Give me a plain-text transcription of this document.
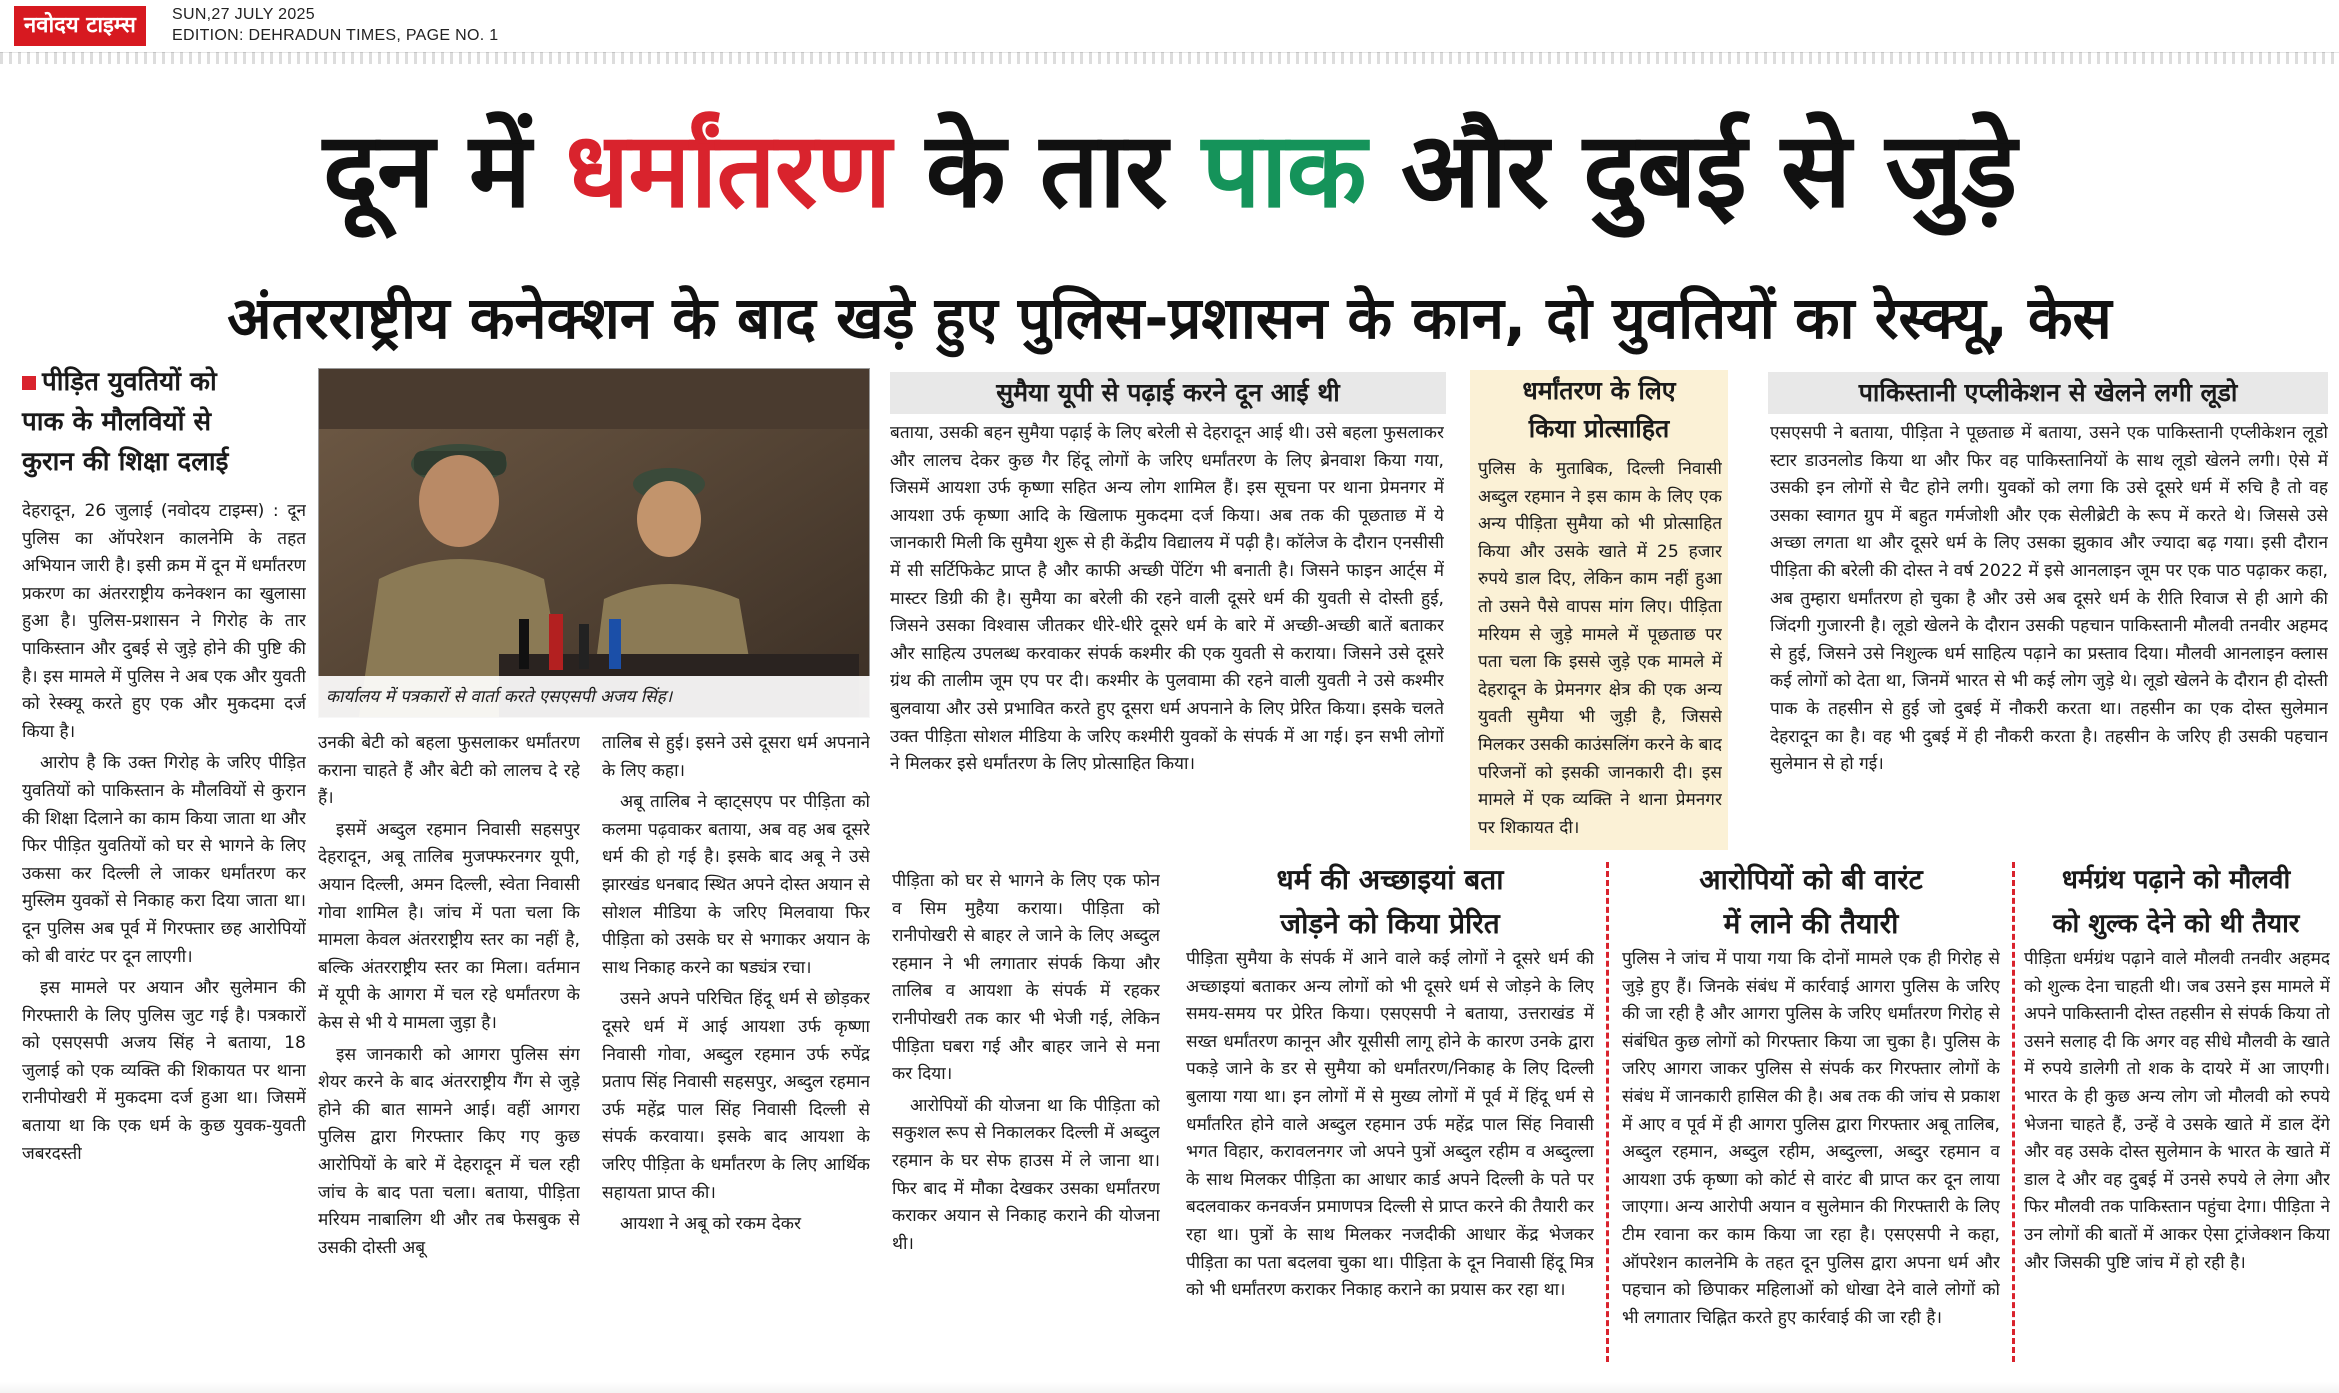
नवोदय टाइम्स	SUN,27 JULY 2025
EDITION: DEHRADUN TIMES, PAGE NO. 1
दून में धर्मांतरण के तार पाक और दुबई से जुड़े
अंतरराष्ट्रीय कनेक्शन के बाद खड़े हुए पुलिस-प्रशासन के कान, दो युवतियों का रेस्क्यू, केस
पीड़ित युवतियों को
पाक के मौलवियों से
कुरान की शिक्षा दलाई

देहरादून, 26 जुलाई (नवोदय टाइम्स) : दून पुलिस का ऑपरेशन कालनेमि के तहत अभियान जारी है। इसी क्रम में दून में धर्मांतरण प्रकरण का अंतरराष्ट्रीय कनेक्शन का खुलासा हुआ है। पुलिस-प्रशासन ने गिरोह के तार पाकिस्तान और दुबई से जुड़े होने की पुष्टि की है। इस मामले में पुलिस ने अब एक और युवती को रेस्क्यू करते हुए एक और मुकदमा दर्ज किया है।

आरोप है कि उक्त गिरोह के जरिए पीड़ित युवतियों को पाकिस्तान के मौलवियों से कुरान की शिक्षा दिलाने का काम किया जाता था और फिर पीड़ित युवतियों को घर से भागने के लिए उकसा कर दिल्ली ले जाकर धर्मांतरण कर मुस्लिम युवकों से निकाह करा दिया जाता था। दून पुलिस अब पूर्व में गिरफ्तार छह आरोपियों को बी वारंट पर दून लाएगी।

इस मामले पर अयान और सुलेमान की गिरफ्तारी के लिए पुलिस जुट गई है। पत्रकारों को एसएसपी अजय सिंह ने बताया, 18 जुलाई को एक व्यक्ति की शिकायत पर थाना रानीपोखरी में मुकदमा दर्ज हुआ था। जिसमें बताया था कि एक धर्म के कुछ युवक-युवती जबरदस्ती

कार्यालय में पत्रकारों से वार्ता करते एसएसपी अजय सिंह।

उनकी बेटी को बहला फुसलाकर धर्मांतरण कराना चाहते हैं और बेटी को लालच दे रहे हैं।

इसमें अब्दुल रहमान निवासी सहसपुर देहरादून, अबू तालिब मुजफ्फरनगर यूपी, अयान दिल्ली, अमन दिल्ली, स्वेता निवासी गोवा शामिल है। जांच में पता चला कि मामला केवल अंतरराष्ट्रीय स्तर का नहीं है, बल्कि अंतरराष्ट्रीय स्तर का मिला। वर्तमान में यूपी के आगरा में चल रहे धर्मांतरण के केस से भी ये मामला जुड़ा है।

इस जानकारी को आगरा पुलिस संग शेयर करने के बाद अंतरराष्ट्रीय गैंग से जुड़े होने की बात सामने आई। वहीं आगरा पुलिस द्वारा गिरफ्तार किए गए कुछ आरोपियों के बारे में देहरादून में चल रही जांच के बाद पता चला। बताया, पीड़िता मरियम नाबालिग थी और तब फेसबुक से उसकी दोस्ती अबू

तालिब से हुई। इसने उसे दूसरा धर्म अपनाने के लिए कहा।

अबू तालिब ने व्हाट्सएप पर पीड़िता को कलमा पढ़वाकर बताया, अब वह अब दूसरे धर्म की हो गई है। इसके बाद अबू ने उसे झारखंड धनबाद स्थित अपने दोस्त अयान से सोशल मीडिया के जरिए मिलवाया फिर पीड़िता को उसके घर से भगाकर अयान के साथ निकाह करने का षड्यंत्र रचा।

उसने अपने परिचित हिंदू धर्म से छोड़कर दूसरे धर्म में आई आयशा उर्फ कृष्णा निवासी गोवा, अब्दुल रहमान उर्फ रुपेंद्र प्रताप सिंह निवासी सहसपुर, अब्दुल रहमान उर्फ महेंद्र पाल सिंह निवासी दिल्ली से संपर्क करवाया। इसके बाद आयशा के जरिए पीड़िता के धर्मांतरण के लिए आर्थिक सहायता प्राप्त की।

आयशा ने अबू को रकम देकर

सुमैया यूपी से पढ़ाई करने दून आई थी

बताया, उसकी बहन सुमैया पढ़ाई के लिए बरेली से देहरादून आई थी। उसे बहला फुसलाकर और लालच देकर कुछ गैर हिंदू लोगों के जरिए धर्मांतरण के लिए ब्रेनवाश किया गया, जिसमें आयशा उर्फ कृष्णा सहित अन्य लोग शामिल हैं। इस सूचना पर थाना प्रेमनगर में आयशा उर्फ कृष्णा आदि के खिलाफ मुकदमा दर्ज किया। अब तक की पूछताछ में ये जानकारी मिली कि सुमैया शुरू से ही केंद्रीय विद्यालय में पढ़ी है। कॉलेज के दौरान एनसीसी में सी सर्टिफिकेट प्राप्त है और काफी अच्छी पेंटिंग भी बनाती है। जिसने फाइन आर्ट्स में मास्टर डिग्री की है। सुमैया का बरेली की रहने वाली दूसरे धर्म की युवती से दोस्ती हुई, जिसने उसका विश्वास जीतकर धीरे-धीरे दूसरे धर्म के बारे में अच्छी-अच्छी बातें बताकर और साहित्य उपलब्ध करवाकर संपर्क कश्मीर की एक युवती से कराया। जिसने उसे दूसरे ग्रंथ की तालीम जूम एप पर दी। कश्मीर के पुलवामा की रहने वाली युवती ने उसे कश्मीर बुलवाया और उसे प्रभावित करते हुए दूसरा धर्म अपनाने के लिए प्रेरित किया। इसके चलते उक्त पीड़िता सोशल मीडिया के जरिए कश्मीरी युवकों के संपर्क में आ गई। इन सभी लोगों ने मिलकर इसे धर्मांतरण के लिए प्रोत्साहित किया।

पीड़िता को घर से भागने के लिए एक फोन व सिम मुहैया कराया। पीड़िता को रानीपोखरी से बाहर ले जाने के लिए अब्दुल रहमान ने भी लगातार संपर्क किया और तालिब व आयशा के संपर्क में रहकर रानीपोखरी तक कार भी भेजी गई, लेकिन पीड़िता घबरा गई और बाहर जाने से मना कर दिया।

आरोपियों की योजना था कि पीड़िता को सकुशल रूप से निकालकर दिल्ली में अब्दुल रहमान के घर सेफ हाउस में ले जाना था। फिर बाद में मौका देखकर उसका धर्मांतरण कराकर अयान से निकाह कराने की योजना थी।

धर्मांतरण के लिए
किया प्रोत्साहित

पुलिस के मुताबिक, दिल्ली निवासी अब्दुल रहमान ने इस काम के लिए एक अन्य पीड़िता सुमैया को भी प्रोत्साहित किया और उसके खाते में 25 हजार रुपये डाल दिए, लेकिन काम नहीं हुआ तो उसने पैसे वापस मांग लिए। पीड़िता मरियम से जुड़े मामले में पूछताछ पर पता चला कि इससे जुड़े एक मामले में देहरादून के प्रेमनगर क्षेत्र की एक अन्य युवती सुमैया भी जुड़ी है, जिससे मिलकर उसकी काउंसलिंग करने के बाद परिजनों को इसकी जानकारी दी। इस मामले में एक व्यक्ति ने थाना प्रेमनगर पर शिकायत दी।

पाकिस्तानी एप्लीकेशन से खेलने लगी लूडो

एसएसपी ने बताया, पीड़िता ने पूछताछ में बताया, उसने एक पाकिस्तानी एप्लीकेशन लूडो स्टार डाउनलोड किया था और फिर वह पाकिस्तानियों के साथ लूडो खेलने लगी। ऐसे में उसकी इन लोगों से चैट होने लगी। युवकों को लगा कि उसे दूसरे धर्म में रुचि है तो वह उसका स्वागत ग्रुप में बहुत गर्मजोशी और एक सेलीब्रेटी के रूप में करते थे। जिससे उसे अच्छा लगता था और दूसरे धर्म के लिए उसका झुकाव और ज्यादा बढ़ गया। इसी दौरान पीड़िता की बरेली की दोस्त ने वर्ष 2022 में इसे आनलाइन जूम पर एक पाठ पढ़ाकर कहा, अब तुम्हारा धर्मांतरण हो चुका है और उसे अब दूसरे धर्म के रीति रिवाज से ही आगे की जिंदगी गुजारनी है। लूडो खेलने के दौरान उसकी पहचान पाकिस्तानी मौलवी तनवीर अहमद से हुई, जिसने उसे निशुल्क धर्म साहित्य पढ़ाने का प्रस्ताव दिया। मौलवी आनलाइन क्लास कई लोगों को देता था, जिनमें भारत से भी कई लोग जुड़े थे। लूडो खेलने के दौरान ही दोस्ती पाक के तहसीन से हुई जो दुबई में नौकरी करता था। तहसीन का एक दोस्त सुलेमान देहरादून का है। वह भी दुबई में ही नौकरी करता है। तहसीन के जरिए ही उसकी पहचान सुलेमान से हो गई।

धर्म की अच्छाइयां बता
जोड़ने को किया प्रेरित

पीड़िता सुमैया के संपर्क में आने वाले कई लोगों ने दूसरे धर्म की अच्छाइयां बताकर अन्य लोगों को भी दूसरे धर्म से जोड़ने के लिए समय-समय पर प्रेरित किया। एसएसपी ने बताया, उत्तराखंड में सख्त धर्मांतरण कानून और यूसीसी लागू होने के कारण उनके द्वारा पकड़े जाने के डर से सुमैया को धर्मांतरण/निकाह के लिए दिल्ली बुलाया गया था। इन लोगों में से मुख्य लोगों में पूर्व में हिंदू धर्म से धर्मांतरित होने वाले अब्दुल रहमान उर्फ महेंद्र पाल सिंह निवासी भगत विहार, करावलनगर जो अपने पुत्रों अब्दुल रहीम व अब्दुल्ला के साथ मिलकर पीड़िता का आधार कार्ड अपने दिल्ली के पते पर बदलवाकर कनवर्जन प्रमाणपत्र दिल्ली से प्राप्त करने की तैयारी कर रहा था। पुत्रों के साथ मिलकर नजदीकी आधार केंद्र भेजकर पीड़िता का पता बदलवा चुका था। पीड़िता के दून निवासी हिंदू मित्र को भी धर्मांतरण कराकर निकाह कराने का प्रयास कर रहा था।

आरोपियों को बी वारंट
में लाने की तैयारी

पुलिस ने जांच में पाया गया कि दोनों मामले एक ही गिरोह से जुड़े हुए हैं। जिनके संबंध में कार्रवाई आगरा पुलिस के जरिए की जा रही है और आगरा पुलिस के जरिए धर्मांतरण गिरोह से संबंधित कुछ लोगों को गिरफ्तार किया जा चुका है। पुलिस के जरिए आगरा जाकर पुलिस से संपर्क कर गिरफ्तार लोगों के संबंध में जानकारी हासिल की है। अब तक की जांच से प्रकाश में आए व पूर्व में ही आगरा पुलिस द्वारा गिरफ्तार अबू तालिब, अब्दुल रहमान, अब्दुल रहीम, अब्दुल्ला, अब्दुर रहमान व आयशा उर्फ कृष्णा को कोर्ट से वारंट बी प्राप्त कर दून लाया जाएगा। अन्य आरोपी अयान व सुलेमान की गिरफ्तारी के लिए टीम रवाना कर काम किया जा रहा है। एसएसपी ने कहा, ऑपरेशन कालनेमि के तहत दून पुलिस द्वारा अपना धर्म और पहचान को छिपाकर महिलाओं को धोखा देने वाले लोगों को भी लगातार चिह्नित करते हुए कार्रवाई की जा रही है।

धर्मग्रंथ पढ़ाने को मौलवी
को शुल्क देने को थी तैयार

पीड़िता धर्मग्रंथ पढ़ाने वाले मौलवी तनवीर अहमद को शुल्क देना चाहती थी। जब उसने इस मामले में अपने पाकिस्तानी दोस्त तहसीन से संपर्क किया तो उसने सलाह दी कि अगर वह सीधे मौलवी के खाते में रुपये डालेगी तो शक के दायरे में आ जाएगी। भारत के ही कुछ अन्य लोग जो मौलवी को रुपये भेजना चाहते हैं, उन्हें वे उसके खाते में डाल देंगे और वह उसके दोस्त सुलेमान के भारत के खाते में डाल दे और वह दुबई में उनसे रुपये ले लेगा और फिर मौलवी तक पाकिस्तान पहुंचा देगा। पीड़िता ने उन लोगों की बातों में आकर ऐसा ट्रांजेक्शन किया और जिसकी पुष्टि जांच में हो रही है।
